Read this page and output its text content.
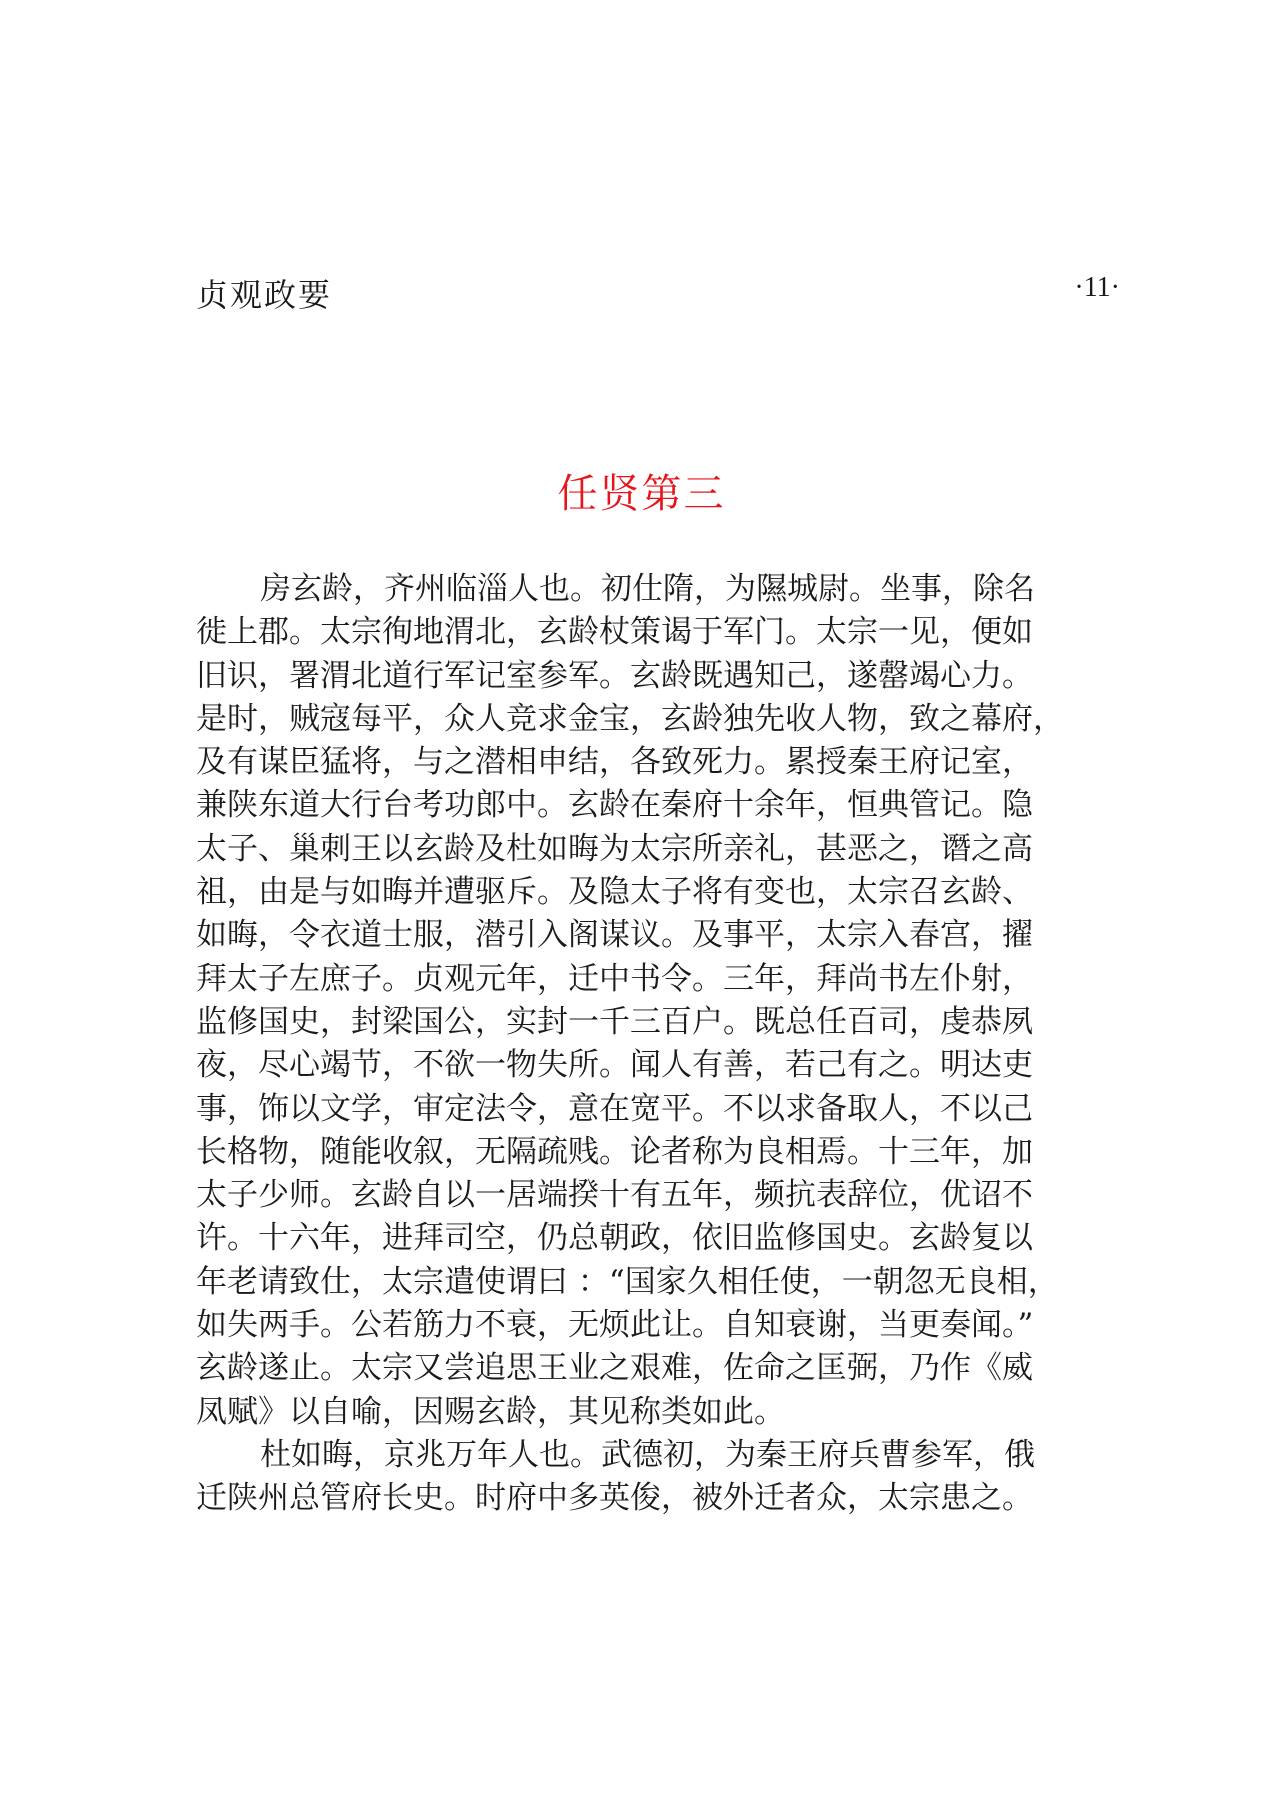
贞观政要	·11·
任贤第三
房玄龄，齐州临淄人也。初仕隋，为隰城尉。坐事，除名
徙上郡。太宗徇地渭北，玄龄杖策谒于军门。太宗一见，便如
旧识，署渭北道行军记室参军。玄龄既遇知己，遂罄竭心力。
是时，贼寇每平，众人竞求金宝，玄龄独先收人物，致之幕府，
及有谋臣猛将，与之潜相申结，各致死力。累授秦王府记室，
兼陕东道大行台考功郎中。玄龄在秦府十余年，恒典管记。隐
太子、巢刺王以玄龄及杜如晦为太宗所亲礼，甚恶之，谮之高
祖，由是与如晦并遭驱斥。及隐太子将有变也，太宗召玄龄、
如晦，令衣道士服，潜引入阁谋议。及事平，太宗入春宫，擢
拜太子左庶子。贞观元年，迁中书令。三年，拜尚书左仆射，
监修国史，封梁国公，实封一千三百户。既总任百司，虔恭夙
夜，尽心竭节，不欲一物失所。闻人有善，若己有之。明达吏
事，饰以文学，审定法令，意在宽平。不以求备取人，不以己
长格物，随能收叙，无隔疏贱。论者称为良相焉。十三年，加
太子少师。玄龄自以一居端揆十有五年，频抗表辞位，优诏不
许。十六年，进拜司空，仍总朝政，依旧监修国史。玄龄复以
年老请致仕，太宗遣使谓曰 ：“国家久相任使，一朝忽无良相，
如失两手。公若筋力不衰，无烦此让。自知衰谢，当更奏闻。”
玄龄遂止。太宗又尝追思王业之艰难，佐命之匡弼，乃作《威
凤赋》以自喻，因赐玄龄，其见称类如此。
杜如晦，京兆万年人也。武德初，为秦王府兵曹参军，俄
迁陕州总管府长史。时府中多英俊，被外迁者众，太宗患之。
